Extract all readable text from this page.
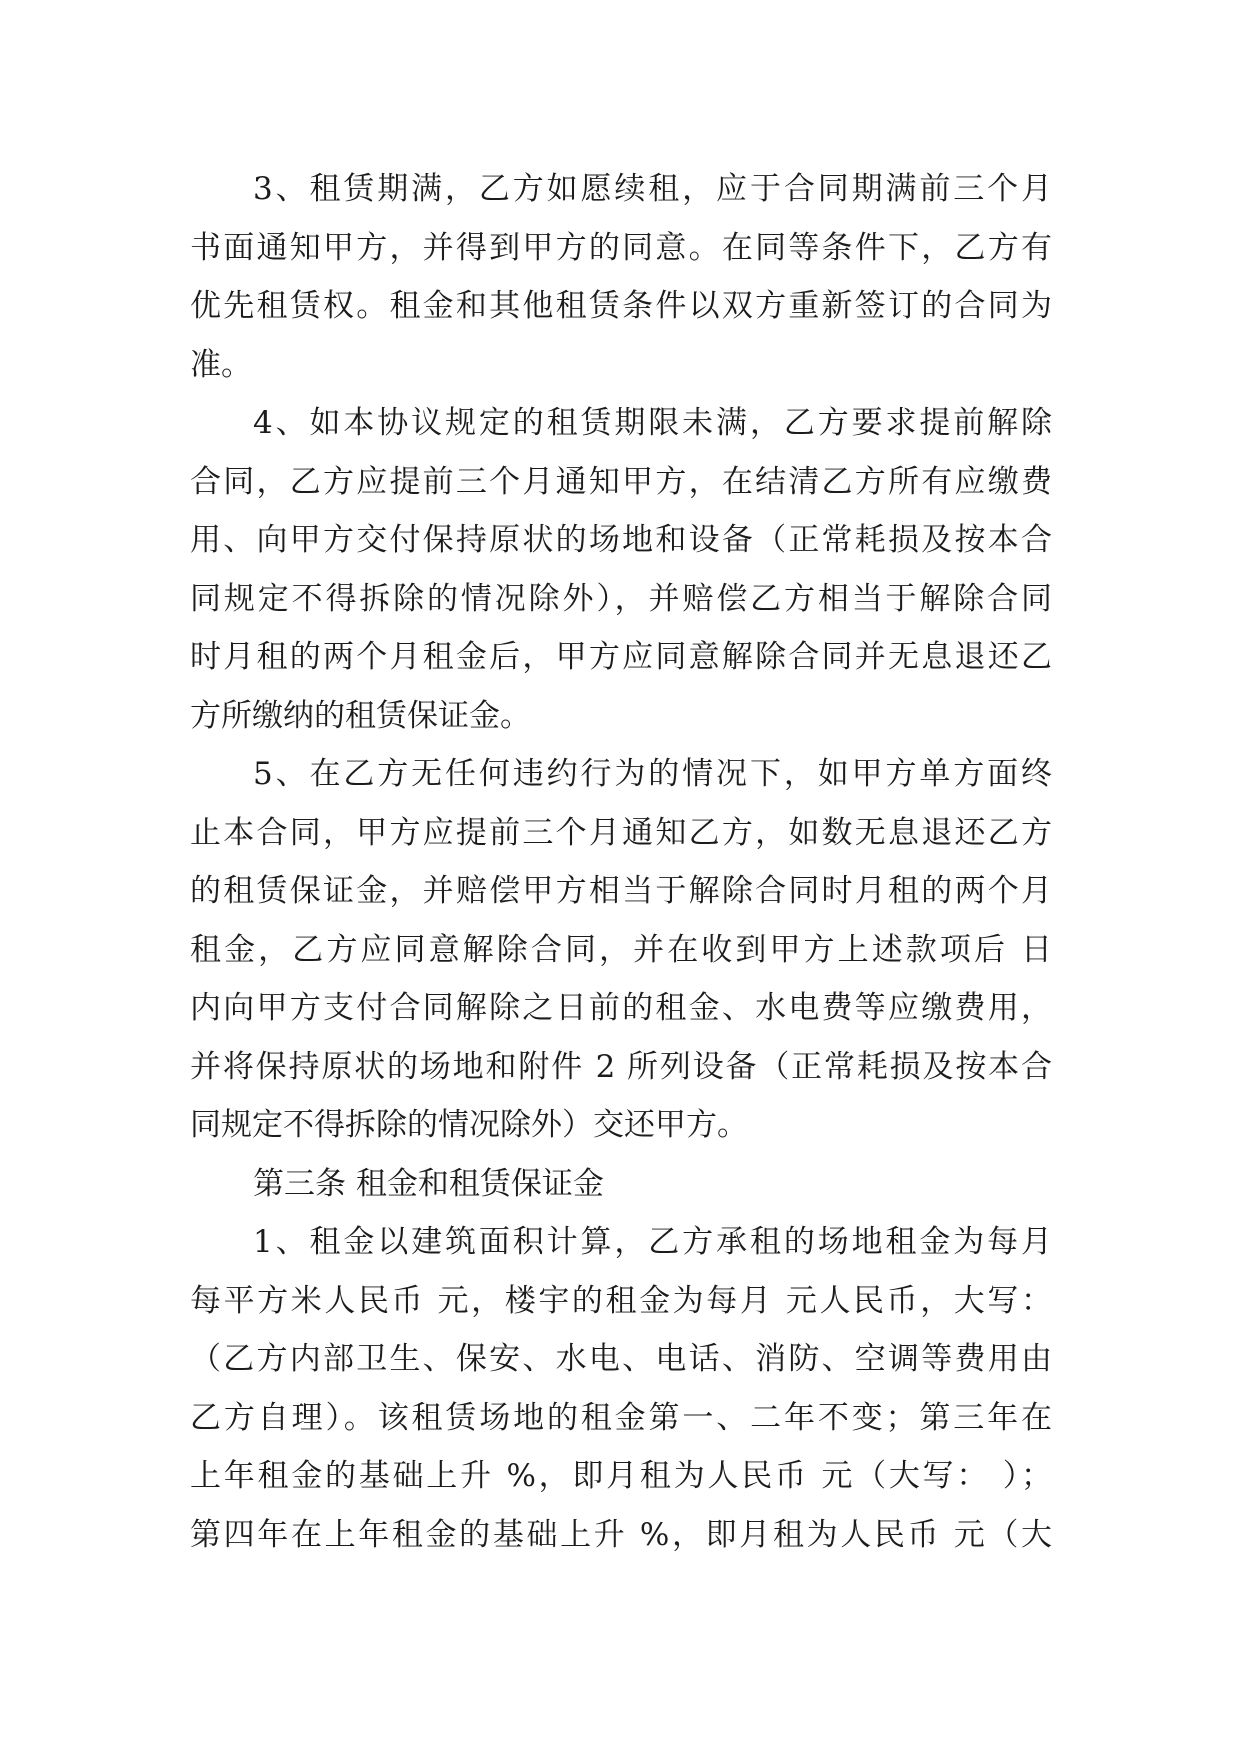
3、租赁期满，乙方如愿续租，应于合同期满前三个月
书面通知甲方，并得到甲方的同意。在同等条件下，乙方有
优先租赁权。租金和其他租赁条件以双方重新签订的合同为
准。
4、如本协议规定的租赁期限未满，乙方要求提前解除
合同，乙方应提前三个月通知甲方，在结清乙方所有应缴费
用、向甲方交付保持原状的场地和设备（正常耗损及按本合
同规定不得拆除的情况除外），并赔偿乙方相当于解除合同
时月租的两个月租金后，甲方应同意解除合同并无息退还乙
方所缴纳的租赁保证金。
5、在乙方无任何违约行为的情况下，如甲方单方面终
止本合同，甲方应提前三个月通知乙方，如数无息退还乙方
的租赁保证金，并赔偿甲方相当于解除合同时月租的两个月
租金，乙方应同意解除合同，并在收到甲方上述款项后 日
内向甲方支付合同解除之日前的租金、水电费等应缴费用，
并将保持原状的场地和附件 2 所列设备（正常耗损及按本合
同规定不得拆除的情况除外）交还甲方。
第三条 租金和租赁保证金
1、租金以建筑面积计算，乙方承租的场地租金为每月
每平方米人民币 元，楼宇的租金为每月 元人民币，大写：
（乙方内部卫生、保安、水电、电话、消防、空调等费用由
乙方自理）。该租赁场地的租金第一、二年不变；第三年在
上年租金的基础上升 %，即月租为人民币 元（大写： ）；
第四年在上年租金的基础上升 %，即月租为人民币 元（大
